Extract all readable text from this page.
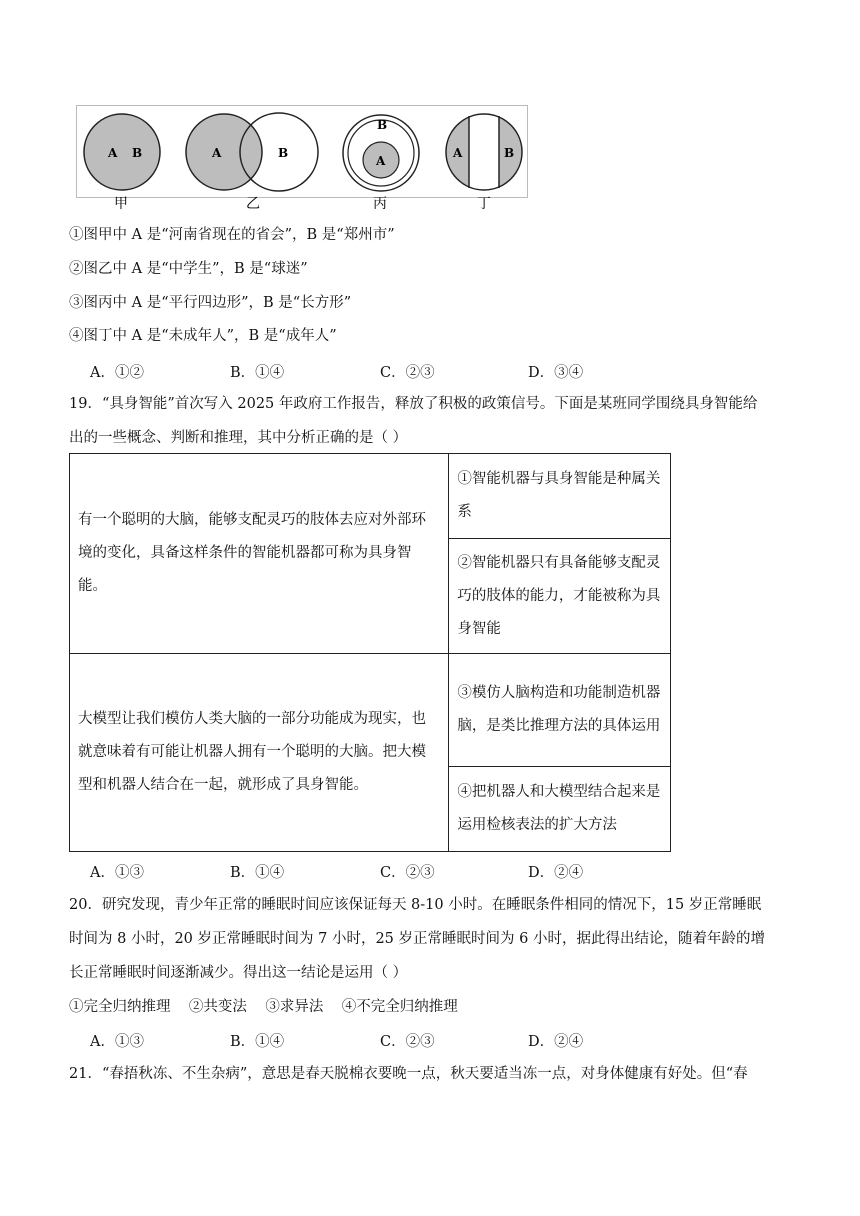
A B
甲
A	B
乙
B
A
丙
A	B
丁
①图甲中 A 是“河南省现在的省会”，B 是“郑州市”
②图乙中 A 是“中学生”，B 是“球迷”
③图丙中 A 是“平行四边形”，B 是“长方形”
④图丁中 A 是“未成年人”，B 是“成年人”
A．①②	B．①④	C．②③	D．③④
19．“具身智能”首次写入 2025 年政府工作报告，释放了积极的政策信号。下面是某班同学围绕具身智能给
出的一些概念、判断和推理，其中分析正确的是（ ）
有一个聪明的大脑，能够支配灵巧的肢体去应对外部环境的变化，具备这样条件的智能机器都可称为具身智能。	①智能机器与具身智能是种属关系
	②智能机器只有具备能够支配灵巧的肢体的能力，才能被称为具身智能
大模型让我们模仿人类大脑的一部分功能成为现实，也就意味着有可能让机器人拥有一个聪明的大脑。把大模型和机器人结合在一起，就形成了具身智能。	③模仿人脑构造和功能制造机器脑，是类比推理方法的具体运用
	④把机器人和大模型结合起来是运用检核表法的扩大方法
A．①③	B．①④	C．②③	D．②④
20．研究发现，青少年正常的睡眠时间应该保证每天 8-10 小时。在睡眠条件相同的情况下，15 岁正常睡眠
时间为 8 小时，20 岁正常睡眠时间为 7 小时，25 岁正常睡眠时间为 6 小时，据此得出结论，随着年龄的增
长正常睡眠时间逐渐减少。得出这一结论是运用（ ）
①完全归纳推理    ②共变法    ③求异法    ④不完全归纳推理
A．①③	B．①④	C．②③	D．②④
21．“春捂秋冻、不生杂病”，意思是春天脱棉衣要晚一点，秋天要适当冻一点，对身体健康有好处。但“春
